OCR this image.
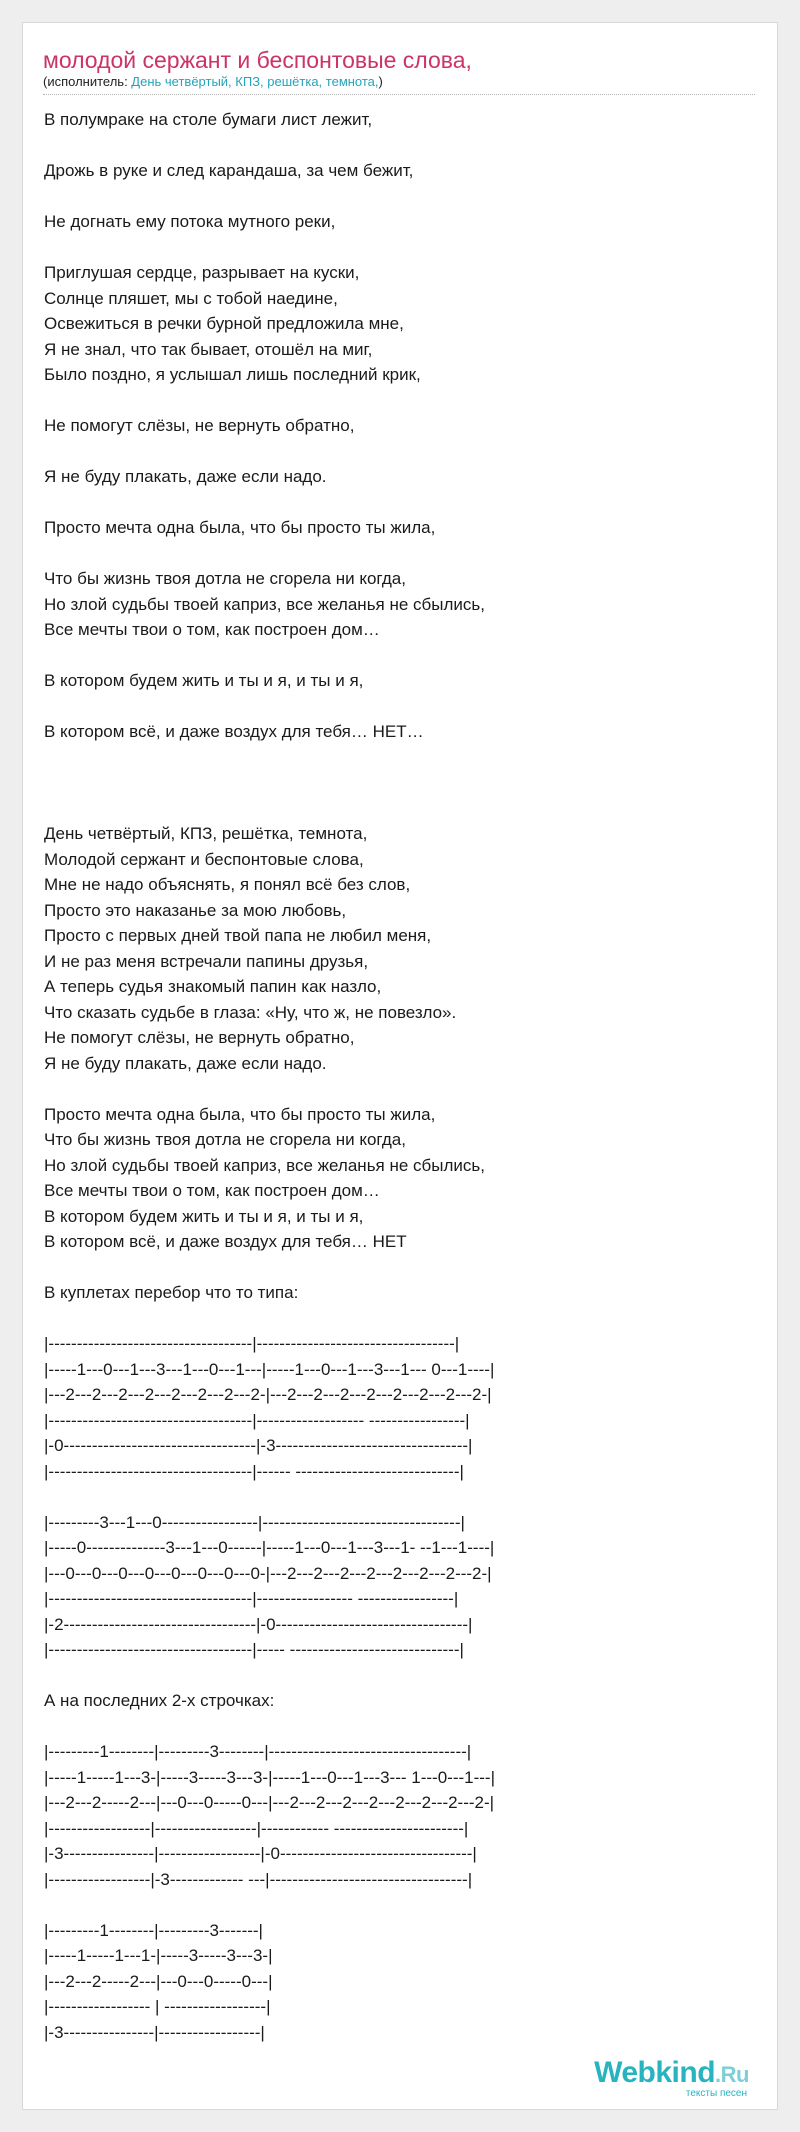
молодой сержант и беспонтовые слова,
(исполнитель: День четвёртый, КПЗ, решётка, темнота,)
В полумраке на столе бумаги лист лежит,

Дрожь в руке и след карандаша, за чем бежит,

Не догнать ему потока мутного реки,

Приглушая сердце, разрывает на куски,
Солнце пляшет, мы с тобой наедине,
Освежиться в речки бурной предложила мне,
Я не знал, что так бывает, отошёл на миг,
Было поздно, я услышал лишь последний крик,

Не помогут слёзы, не вернуть обратно,

Я не буду плакать, даже если надо.

Просто мечта одна была, что бы просто ты жила,

Что бы жизнь твоя дотла не сгорела ни когда,
Но злой судьбы твоей каприз, все желанья не сбылись,
Все мечты твои о том, как построен дом…

В котором будем жить и ты и я, и ты и я,

В котором всё, и даже воздух для тебя… НЕТ…

День четвёртый, КПЗ, решётка, темнота,
Молодой сержант и беспонтовые слова,
Мне не надо объяснять, я понял всё без слов,
Просто это наказанье за мою любовь,
Просто с первых дней твой папа не любил меня,
И не раз меня встречали папины друзья,
А теперь судья знакомый папин как назло,
Что сказать судьбе в глаза: «Ну, что ж, не повезло».
Не помогут слёзы, не вернуть обратно,
Я не буду плакать, даже если надо.

Просто мечта одна была, что бы просто ты жила,
Что бы жизнь твоя дотла не сгорела ни когда,
Но злой судьбы твоей каприз, все желанья не сбылись,
Все мечты твои о том, как построен дом…
В котором будем жить и ты и я, и ты и я,
В котором всё, и даже воздух для тебя… НЕТ

В куплетах перебор что то типа:

|------------------------------------|-----------------------------------|
|-----1---0---1---3---1---0---1---|-----1---0---1---3---1--- 0---1----|
|---2---2---2---2---2---2---2---2-|---2---2---2---2---2---2---2---2-|
|------------------------------------|------------------- -----------------|
|-0----------------------------------|-3----------------------------------|
|------------------------------------|------ -----------------------------|

|---------3---1---0-----------------|-----------------------------------|
|-----0--------------3---1---0------|-----1---0---1---3---1- --1---1----|
|---0---0---0---0---0---0---0---0-|---2---2---2---2---2---2---2---2-|
|------------------------------------|----------------- -----------------|
|-2----------------------------------|-0----------------------------------|
|------------------------------------|----- ------------------------------|

А на последних 2-х строчках:

|---------1--------|---------3--------|-----------------------------------|
|-----1-----1---3-|-----3-----3---3-|-----1---0---1---3--- 1---0---1---|
|---2---2-----2---|---0---0-----0---|---2---2---2---2---2---2---2---2-|
|------------------|------------------|------------ -----------------------|
|-3----------------|------------------|-0----------------------------------|
|------------------|-3------------- ---|-----------------------------------|

|---------1--------|---------3-------|
|-----1-----1---1-|-----3-----3---3-|
|---2---2-----2---|---0---0-----0---|
|------------------ | ------------------|
|-3----------------|------------------|
Webkind.Ru
тексты песен
